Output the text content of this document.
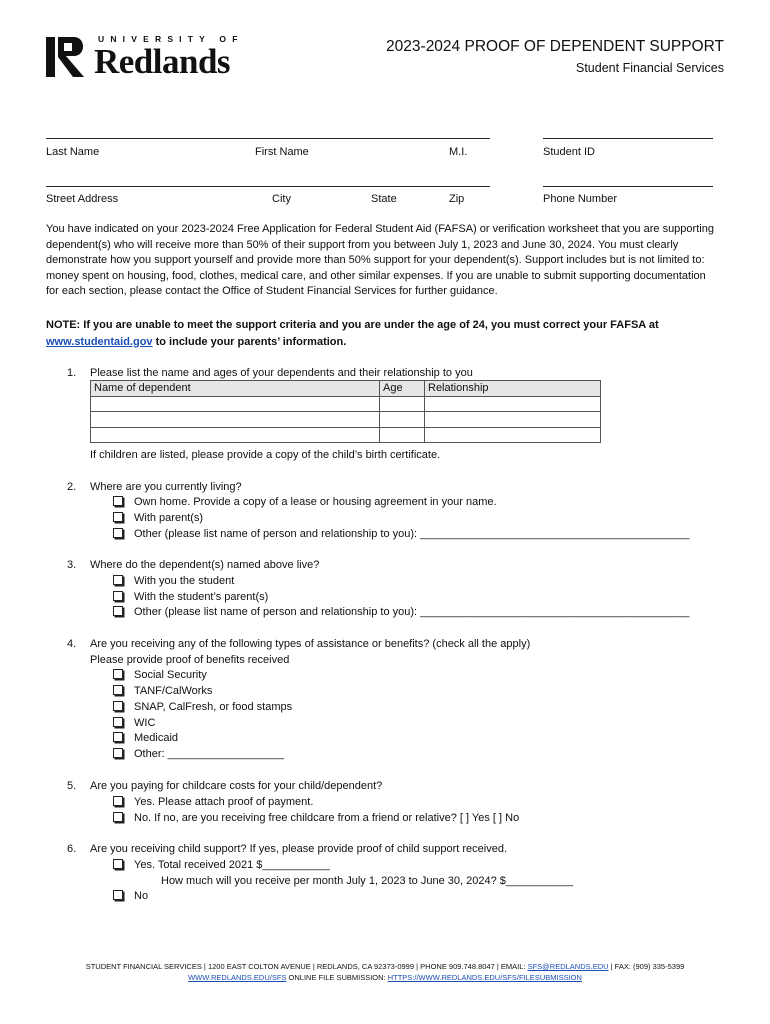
UNIVERSITY OF
Redlands	2023-2024 PROOF OF DEPENDENT SUPPORT
Student Financial Services
Last Name	First Name	M.I.	Student ID
Street Address	City	State	Zip	Phone Number
You have indicated on your 2023-2024 Free Application for Federal Student Aid (FAFSA) or verification worksheet that you are supporting dependent(s) who will receive more than 50% of their support from you between July 1, 2023 and June 30, 2024. You must clearly demonstrate how you support yourself and provide more than 50% support for your dependent(s). Support includes but is not limited to: money spent on housing, food, clothes, medical care, and other similar expenses. If you are unable to submit supporting documentation for each section, please contact the Office of Student Financial Services for further guidance.
NOTE: If you are unable to meet the support criteria and you are under the age of 24, you must correct your FAFSA at
www.studentaid.gov to include your parents’ information.
1. Please list the name and ages of your dependents and their relationship to you
Name of dependent	Age	Relationship

If children are listed, please provide a copy of the child’s birth certificate.
2. Where are you currently living?
Own home. Provide a copy of a lease or housing agreement in your name.
With parent(s)
Other (please list name of person and relationship to you): ____________________________________________
3. Where do the dependent(s) named above live?
With you the student
With the student’s parent(s)
Other (please list name of person and relationship to you): ____________________________________________
4. Are you receiving any of the following types of assistance or benefits? (check all the apply)
Please provide proof of benefits received
Social Security
TANF/CalWorks
SNAP, CalFresh, or food stamps
WIC
Medicaid
Other: ___________________
5. Are you paying for childcare costs for your child/dependent?
Yes. Please attach proof of payment.
No. If no, are you receiving free childcare from a friend or relative? [ ] Yes [ ] No
6. Are you receiving child support? If yes, please provide proof of child support received.
Yes. Total received 2021 $___________
How much will you receive per month July 1, 2023 to June 30, 2024? $___________
No
STUDENT FINANCIAL SERVICES | 1200 EAST COLTON AVENUE | REDLANDS, CA 92373-0999 | PHONE 909.748.8047 | EMAIL: SFS@REDLANDS.EDU | FAX: (909) 335-5399
WWW.REDLANDS.EDU/SFS ONLINE FILE SUBMISSION: HTTPS://WWW.REDLANDS.EDU/SFS/FILESUBMISSION
